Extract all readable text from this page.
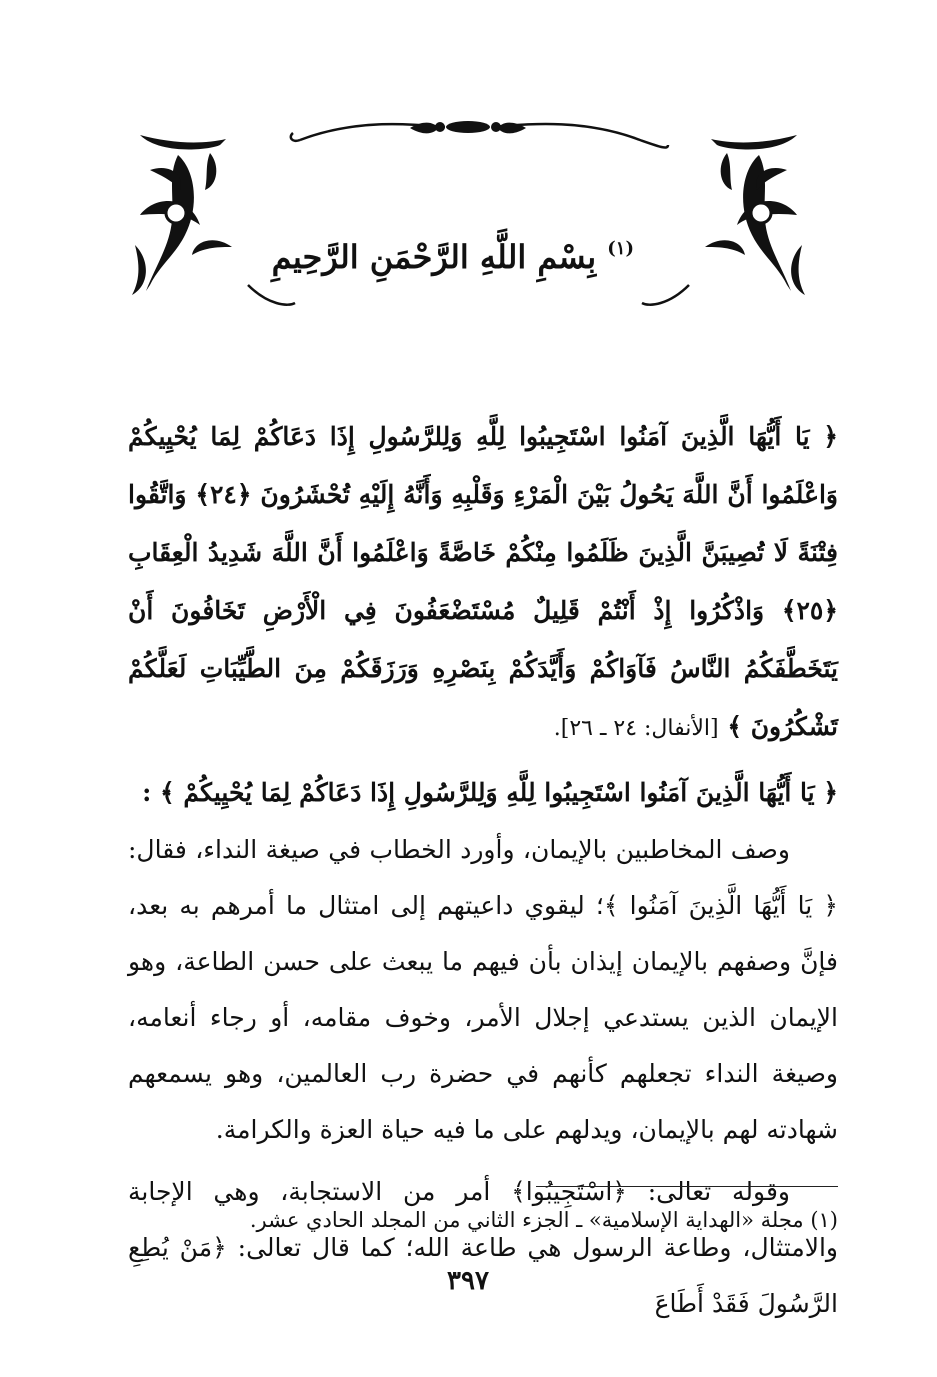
$^{(١)}$ بِسْمِ اللَّهِ الرَّحْمَنِ الرَّحِيمِ

﴿ يَا أَيُّهَا الَّذِينَ آمَنُوا اسْتَجِيبُوا لِلَّهِ وَلِلرَّسُولِ إِذَا دَعَاكُمْ لِمَا يُحْيِيكُمْ وَاعْلَمُوا أَنَّ اللَّهَ يَحُولُ بَيْنَ الْمَرْءِ وَقَلْبِهِ وَأَنَّهُ إِلَيْهِ تُحْشَرُونَ ﴿٢٤﴾ وَاتَّقُوا فِتْنَةً لَا تُصِيبَنَّ الَّذِينَ ظَلَمُوا مِنْكُمْ خَاصَّةً وَاعْلَمُوا أَنَّ اللَّهَ شَدِيدُ الْعِقَابِ ﴿٢٥﴾ وَاذْكُرُوا إِذْ أَنْتُمْ قَلِيلٌ مُسْتَضْعَفُونَ فِي الْأَرْضِ تَخَافُونَ أَنْ يَتَخَطَّفَكُمُ النَّاسُ فَآوَاكُمْ وَأَيَّدَكُمْ بِنَصْرِهِ وَرَزَقَكُمْ مِنَ الطَّيِّبَاتِ لَعَلَّكُمْ تَشْكُرُونَ ﴾ [الأنفال: ٢٤ ـ ٢٦].

﴿ يَا أَيُّهَا الَّذِينَ آمَنُوا اسْتَجِيبُوا لِلَّهِ وَلِلرَّسُولِ إِذَا دَعَاكُمْ لِمَا يُحْيِيكُمْ ﴾ :

وصف المخاطبين بالإيمان، وأورد الخطاب في صيغة النداء، فقال: ﴿ يَا أَيُّهَا الَّذِينَ آمَنُوا ﴾؛ ليقوي داعيتهم إلى امتثال ما أمرهم به بعد، فإنَّ وصفهم بالإيمان إيذان بأن فيهم ما يبعث على حسن الطاعة، وهو الإيمان الذين يستدعي إجلال الأمر، وخوف مقامه، أو رجاء أنعامه، وصيغة النداء تجعلهم كأنهم في حضرة رب العالمين، وهو يسمعهم شهادته لهم بالإيمان، ويدلهم على ما فيه حياة العزة والكرامة.

وقوله تعالى: ﴿اسْتَجِيبُوا﴾ أمر من الاستجابة، وهي الإجابة والامتثال، وطاعة الرسول هي طاعة الله؛ كما قال تعالى: ﴿مَنْ يُطِعِ الرَّسُولَ فَقَدْ أَطَاعَ

(١) مجلة «الهداية الإسلامية» ـ الجزء الثاني من المجلد الحادي عشر.
٣٩٧
